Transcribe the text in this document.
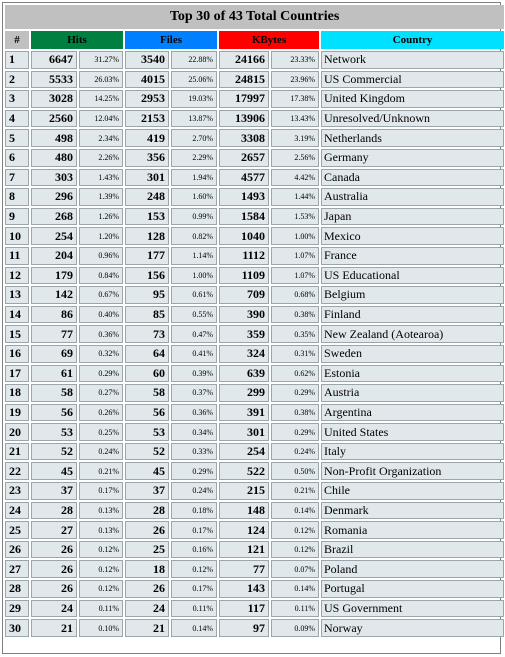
Top 30 of 43 Total Countries							
#	Hits		Files		KBytes		Country
1	6647	31.27%	3540	22.88%	24166	23.33%	Network
2	5533	26.03%	4015	25.06%	24815	23.96%	US Commercial
3	3028	14.25%	2953	19.03%	17997	17.38%	United Kingdom
4	2560	12.04%	2153	13.87%	13906	13.43%	Unresolved/Unknown
5	498	2.34%	419	2.70%	3308	3.19%	Netherlands
6	480	2.26%	356	2.29%	2657	2.56%	Germany
7	303	1.43%	301	1.94%	4577	4.42%	Canada
8	296	1.39%	248	1.60%	1493	1.44%	Australia
9	268	1.26%	153	0.99%	1584	1.53%	Japan
10	254	1.20%	128	0.82%	1040	1.00%	Mexico
11	204	0.96%	177	1.14%	1112	1.07%	France
12	179	0.84%	156	1.00%	1109	1.07%	US Educational
13	142	0.67%	95	0.61%	709	0.68%	Belgium
14	86	0.40%	85	0.55%	390	0.38%	Finland
15	77	0.36%	73	0.47%	359	0.35%	New Zealand (Aotearoa)
16	69	0.32%	64	0.41%	324	0.31%	Sweden
17	61	0.29%	60	0.39%	639	0.62%	Estonia
18	58	0.27%	58	0.37%	299	0.29%	Austria
19	56	0.26%	56	0.36%	391	0.38%	Argentina
20	53	0.25%	53	0.34%	301	0.29%	United States
21	52	0.24%	52	0.33%	254	0.24%	Italy
22	45	0.21%	45	0.29%	522	0.50%	Non-Profit Organization
23	37	0.17%	37	0.24%	215	0.21%	Chile
24	28	0.13%	28	0.18%	148	0.14%	Denmark
25	27	0.13%	26	0.17%	124	0.12%	Romania
26	26	0.12%	25	0.16%	121	0.12%	Brazil
27	26	0.12%	18	0.12%	77	0.07%	Poland
28	26	0.12%	26	0.17%	143	0.14%	Portugal
29	24	0.11%	24	0.11%	117	0.11%	US Government
30	21	0.10%	21	0.14%	97	0.09%	Norway
